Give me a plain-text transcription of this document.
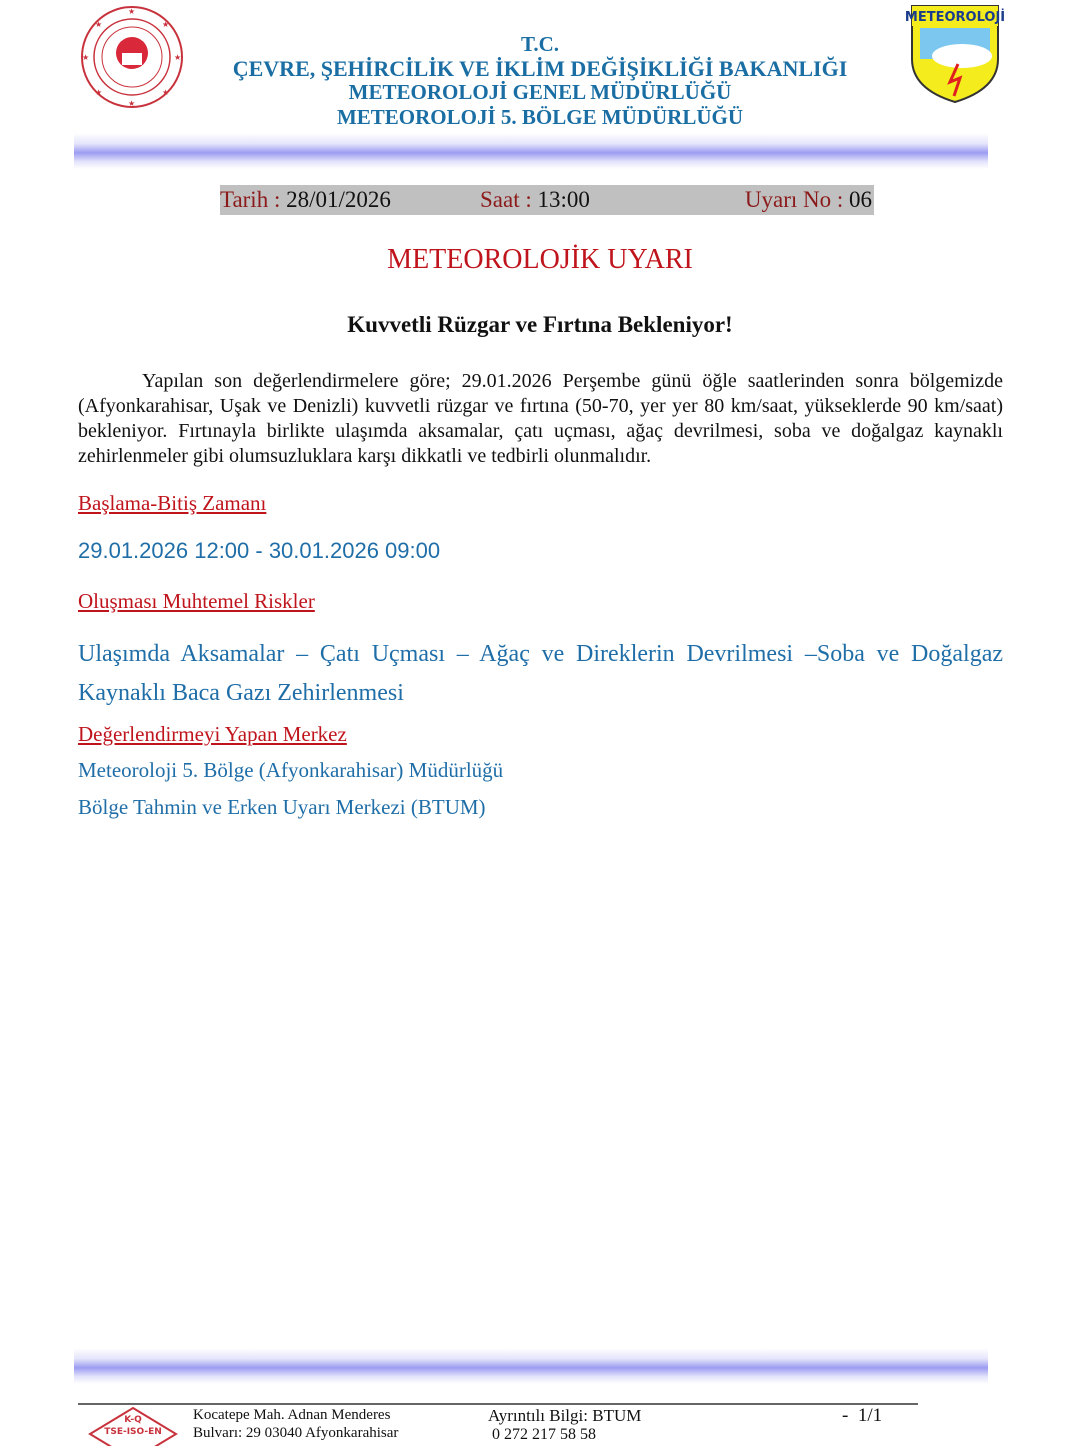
★
★
★	★
★	★
★	★
METEOROLOJİ
T.C.
ÇEVRE, ŞEHİRCİLİK VE İKLİM DEĞİŞİKLİĞİ BAKANLIĞI
METEOROLOJİ GENEL MÜDÜRLÜĞÜ
METEOROLOJİ 5. BÖLGE MÜDÜRLÜĞÜ
Tarih : 28/01/2026	Saat : 13:00	Uyarı No : 06
METEOROLOJİK UYARI
Kuvvetli Rüzgar ve Fırtına Bekleniyor!

Yapılan son değerlendirmelere göre; 29.01.2026 Perşembe günü öğle saatlerinden sonra bölgemizde (Afyonkarahisar, Uşak ve Denizli) kuvvetli rüzgar ve fırtına (50-70, yer yer 80 km/saat, yükseklerde 90 km/saat) bekleniyor. Fırtınayla birlikte ulaşımda aksamalar, çatı uçması, ağaç devrilmesi, soba ve doğalgaz kaynaklı zehirlenmeler gibi olumsuzluklara karşı dikkatli ve tedbirli olunmalıdır.

Başlama-Bitiş Zamanı
29.01.2026 12:00 - 30.01.2026 09:00
Oluşması Muhtemel Riskler
Ulaşımda Aksamalar – Çatı Uçması – Ağaç ve Direklerin Devrilmesi –Soba ve Doğalgaz Kaynaklı Baca Gazı Zehirlenmesi
Değerlendirmeyi Yapan Merkez
Meteoroloji 5. Bölge (Afyonkarahisar) Müdürlüğü
Bölge Tahmin ve Erken Uyarı Merkezi (BTUM)
K-Q
TSE-ISO-EN
Kocatepe Mah. Adnan Menderes
Bulvarı: 29 03040 Afyonkarahisar
Ayrıntılı Bilgi: BTUM
0 272 217 58 58
-  1/1
